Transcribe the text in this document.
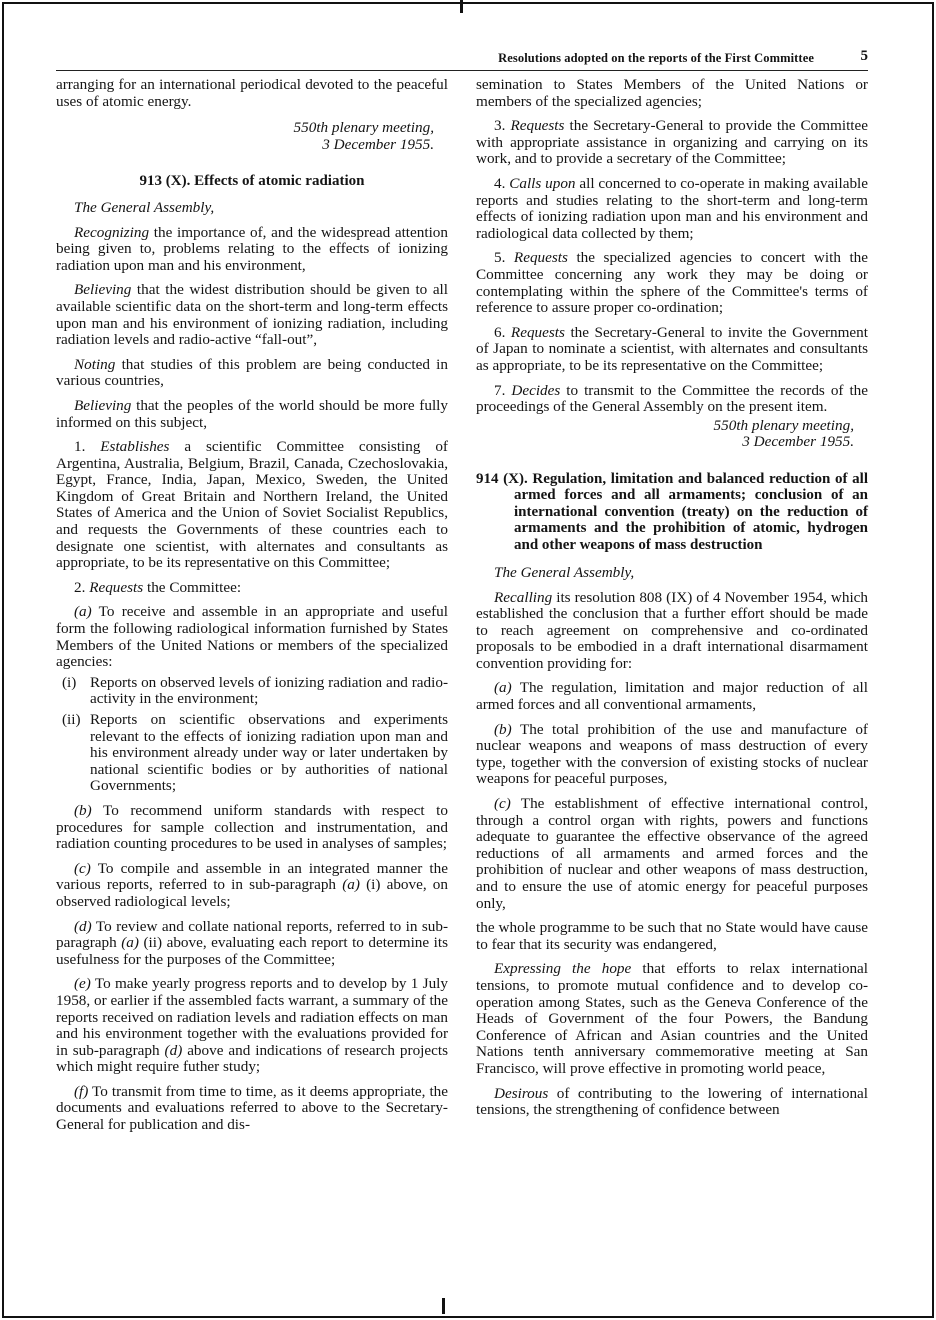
Resolutions adopted on the reports of the First Committee	5

arranging for an international periodical devoted to the peaceful uses of atomic energy.

550th plenary meeting,
3 December 1955.
913 (X). Effects of atomic radiation

The General Assembly,

Recognizing the importance of, and the widespread attention being given to, problems relating to the effects of ionizing radiation upon man and his environment,

Believing that the widest distribution should be given to all available scientific data on the short-term and long-term effects upon man and his environment of ionizing radiation, including radiation levels and radio-active “fall-out”,

Noting that studies of this problem are being conducted in various countries,

Believing that the peoples of the world should be more fully informed on this subject,

1. Establishes a scientific Committee consisting of Argentina, Australia, Belgium, Brazil, Canada, Czechoslovakia, Egypt, France, India, Japan, Mexico, Sweden, the United Kingdom of Great Britain and Northern Ireland, the United States of America and the Union of Soviet Socialist Republics, and requests the Governments of these countries each to designate one scientist, with alternates and consultants as appropriate, to be its representative on this Committee;

2. Requests the Committee:

(a) To receive and assemble in an appropriate and useful form the following radiological information furnished by States Members of the United Nations or members of the specialized agencies:

(i) Reports on observed levels of ionizing radiation and radio-activity in the environment;
(ii) Reports on scientific observations and experiments relevant to the effects of ionizing radiation upon man and his environment already under way or later undertaken by national scientific bodies or by authorities of national Governments;

(b) To recommend uniform standards with respect to procedures for sample collection and instrumentation, and radiation counting procedures to be used in analyses of samples;

(c) To compile and assemble in an integrated manner the various reports, referred to in sub-paragraph (a) (i) above, on observed radiological levels;

(d) To review and collate national reports, referred to in sub-paragraph (a) (ii) above, evaluating each report to determine its usefulness for the purposes of the Committee;

(e) To make yearly progress reports and to develop by 1 July 1958, or earlier if the assembled facts warrant, a summary of the reports received on radiation levels and radiation effects on man and his environment together with the evaluations provided for in sub-paragraph (d) above and indications of research projects which might require futher study;

(f) To transmit from time to time, as it deems appropriate, the documents and evaluations referred to above to the Secretary-General for publication and dis-

semination to States Members of the United Nations or members of the specialized agencies;

3. Requests the Secretary-General to provide the Committee with appropriate assistance in organizing and carrying on its work, and to provide a secretary of the Committee;

4. Calls upon all concerned to co-operate in making available reports and studies relating to the short-term and long-term effects of ionizing radiation upon man and his environment and radiological data collected by them;

5. Requests the specialized agencies to concert with the Committee concerning any work they may be doing or contemplating within the sphere of the Committee's terms of reference to assure proper co-ordination;

6. Requests the Secretary-General to invite the Government of Japan to nominate a scientist, with alternates and consultants as appropriate, to be its representative on the Committee;

7. Decides to transmit to the Committee the records of the proceedings of the General Assembly on the present item.

550th plenary meeting,
3 December 1955.
914 (X). Regulation, limitation and balanced reduction of all armed forces and all armaments; conclusion of an international convention (treaty) on the reduction of armaments and the prohibition of atomic, hydrogen and other weapons of mass destruction

The General Assembly,

Recalling its resolution 808 (IX) of 4 November 1954, which established the conclusion that a further effort should be made to reach agreement on comprehensive and co-ordinated proposals to be embodied in a draft international disarmament convention providing for:

(a) The regulation, limitation and major reduction of all armed forces and all conventional armaments,

(b) The total prohibition of the use and manufacture of nuclear weapons and weapons of mass destruction of every type, together with the conversion of existing stocks of nuclear weapons for peaceful purposes,

(c) The establishment of effective international control, through a control organ with rights, powers and functions adequate to guarantee the effective observance of the agreed reductions of all armaments and armed forces and the prohibition of nuclear and other weapons of mass destruction, and to ensure the use of atomic energy for peaceful purposes only,

the whole programme to be such that no State would have cause to fear that its security was endangered,

Expressing the hope that efforts to relax international tensions, to promote mutual confidence and to develop co-operation among States, such as the Geneva Conference of the Heads of Government of the four Powers, the Bandung Conference of African and Asian countries and the United Nations tenth anniversary commemorative meeting at San Francisco, will prove effective in promoting world peace,

Desirous of contributing to the lowering of international tensions, the strengthening of confidence between
